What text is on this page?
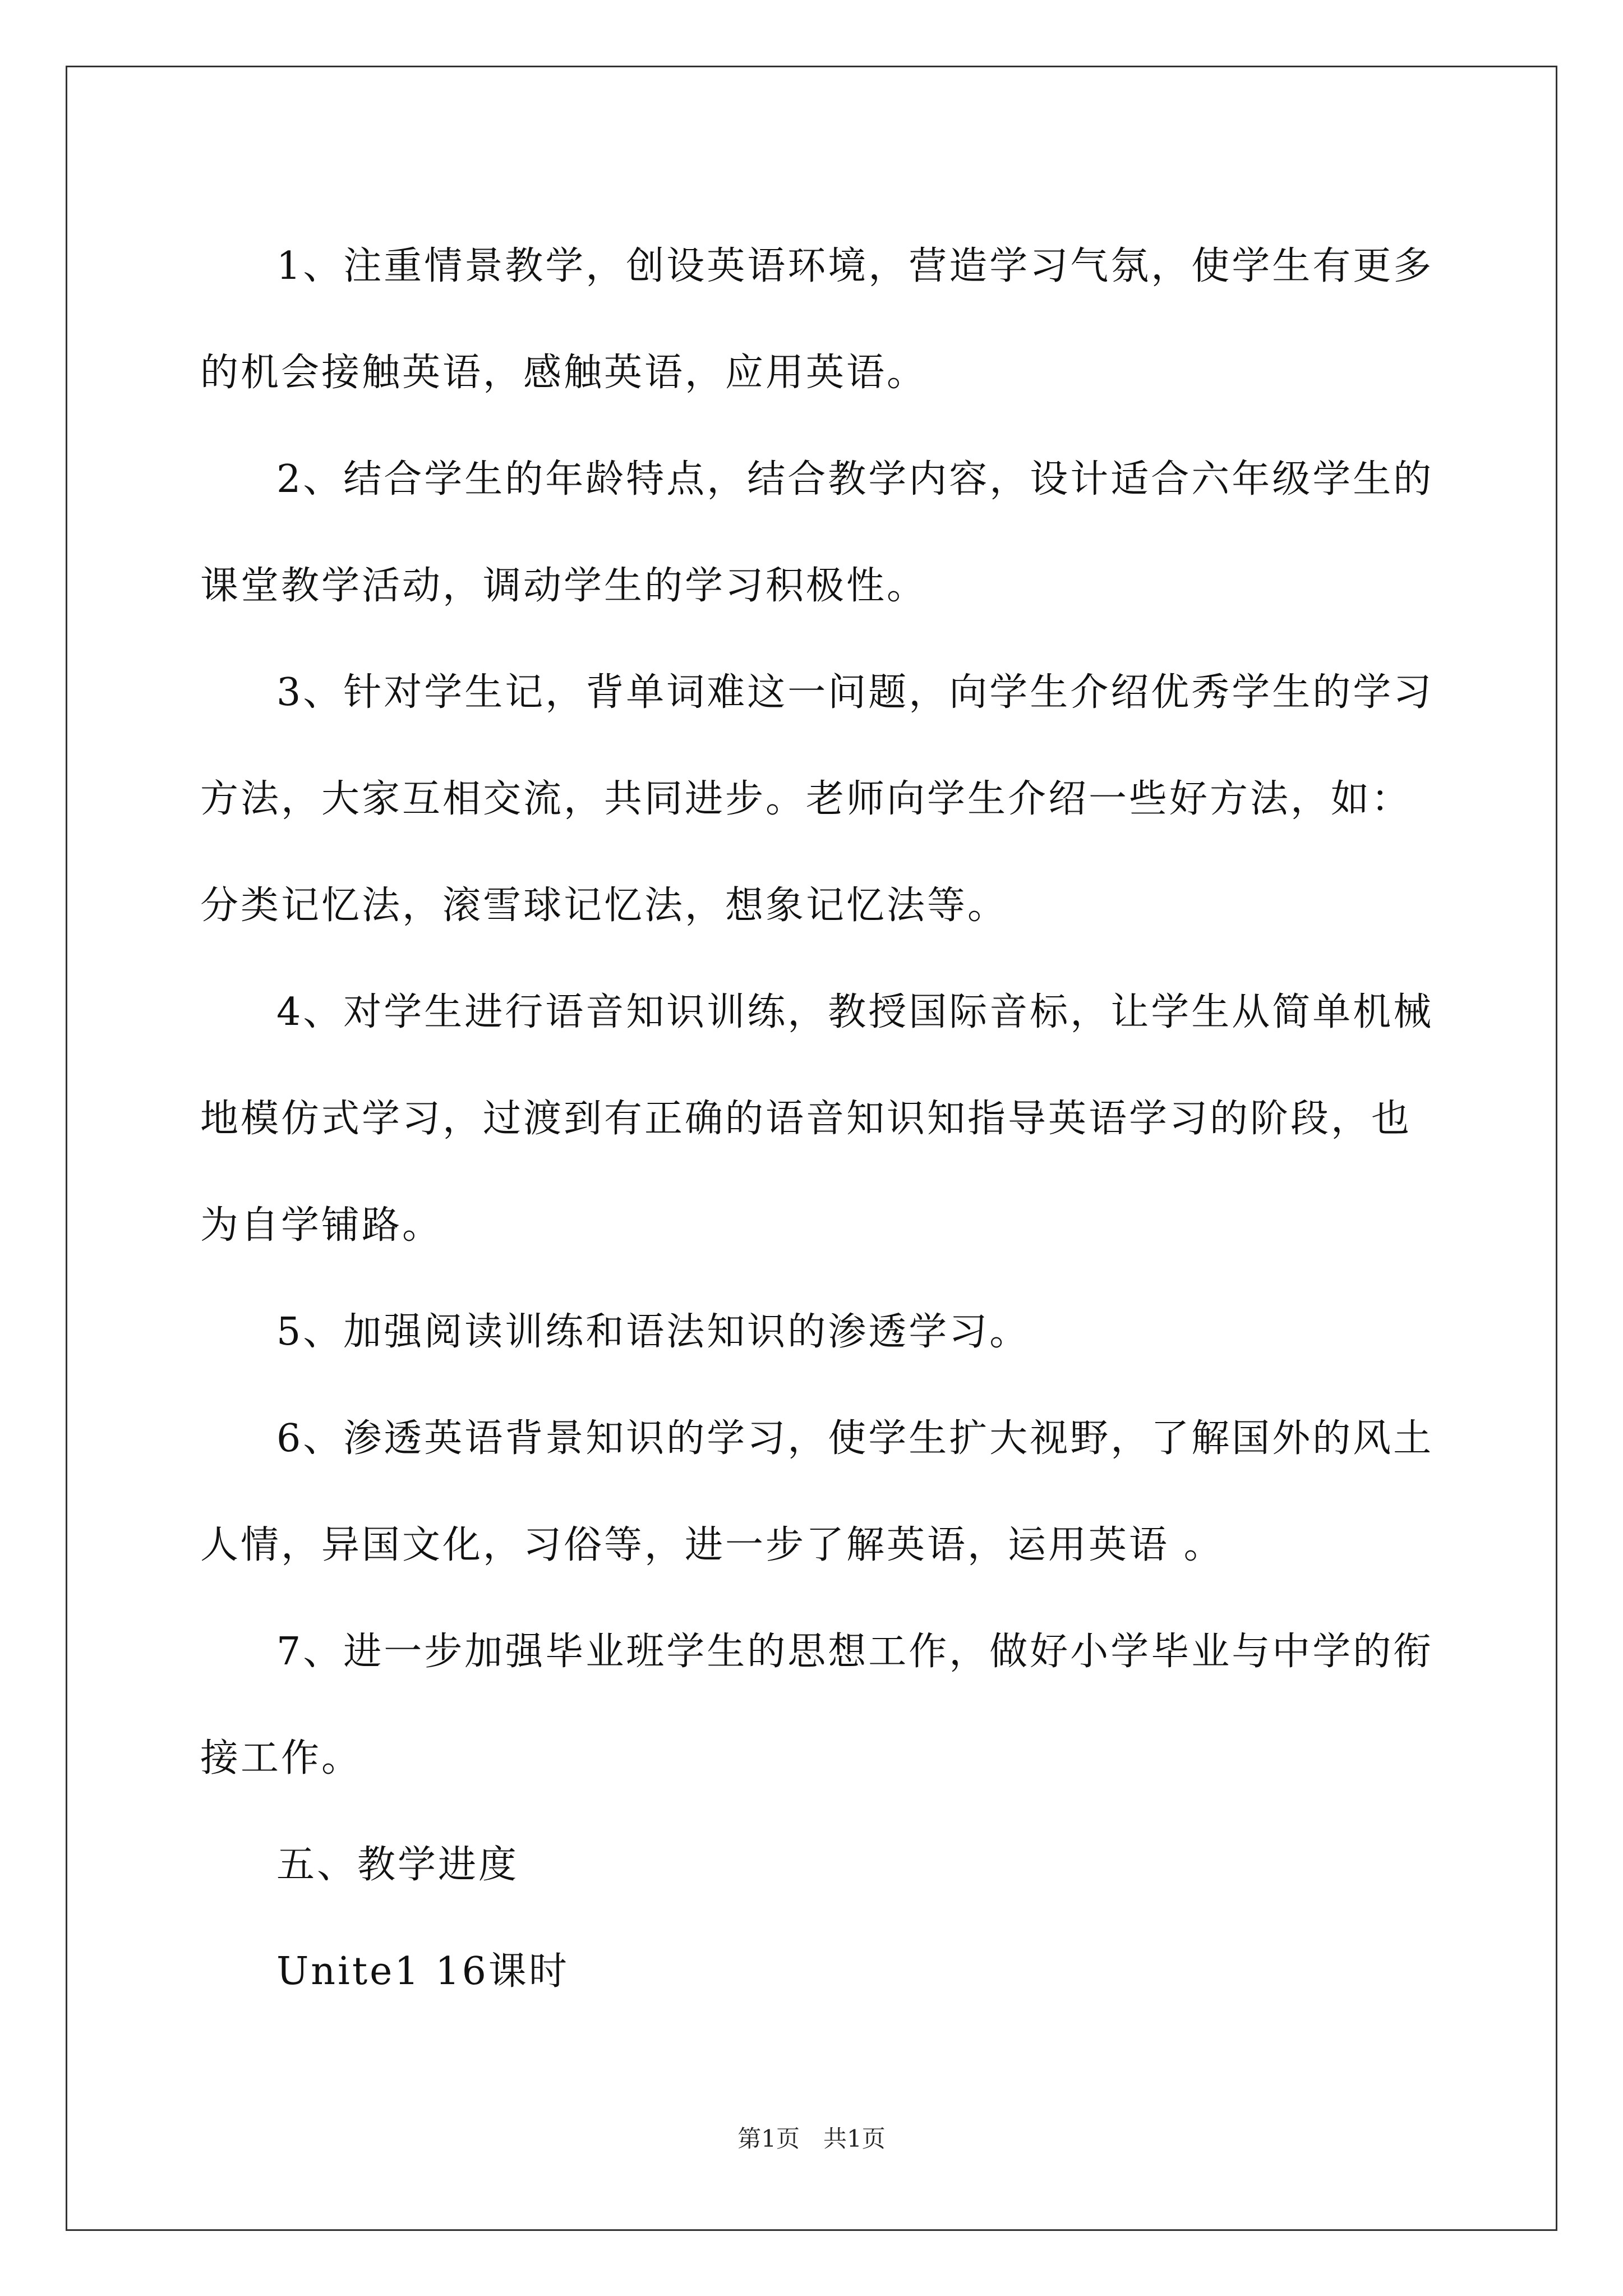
1、注重情景教学，创设英语环境，营造学习气氛，使学生有更多
的机会接触英语，感触英语，应用英语。
2、结合学生的年龄特点，结合教学内容，设计适合六年级学生的
课堂教学活动，调动学生的学习积极性。
3、针对学生记，背单词难这一问题，向学生介绍优秀学生的学习
方法，大家互相交流，共同进步。老师向学生介绍一些好方法，如：
分类记忆法，滚雪球记忆法，想象记忆法等。
4、对学生进行语音知识训练，教授国际音标，让学生从简单机械
地模仿式学习，过渡到有正确的语音知识知指导英语学习的阶段，也
为自学铺路。
5、加强阅读训练和语法知识的渗透学习。
6、渗透英语背景知识的学习，使学生扩大视野，了解国外的风土
人情，异国文化，习俗等，进一步了解英语，运用英语 。
7、进一步加强毕业班学生的思想工作，做好小学毕业与中学的衔
接工作。
五、教学进度
Unite1 16课时
第1页　共1页
